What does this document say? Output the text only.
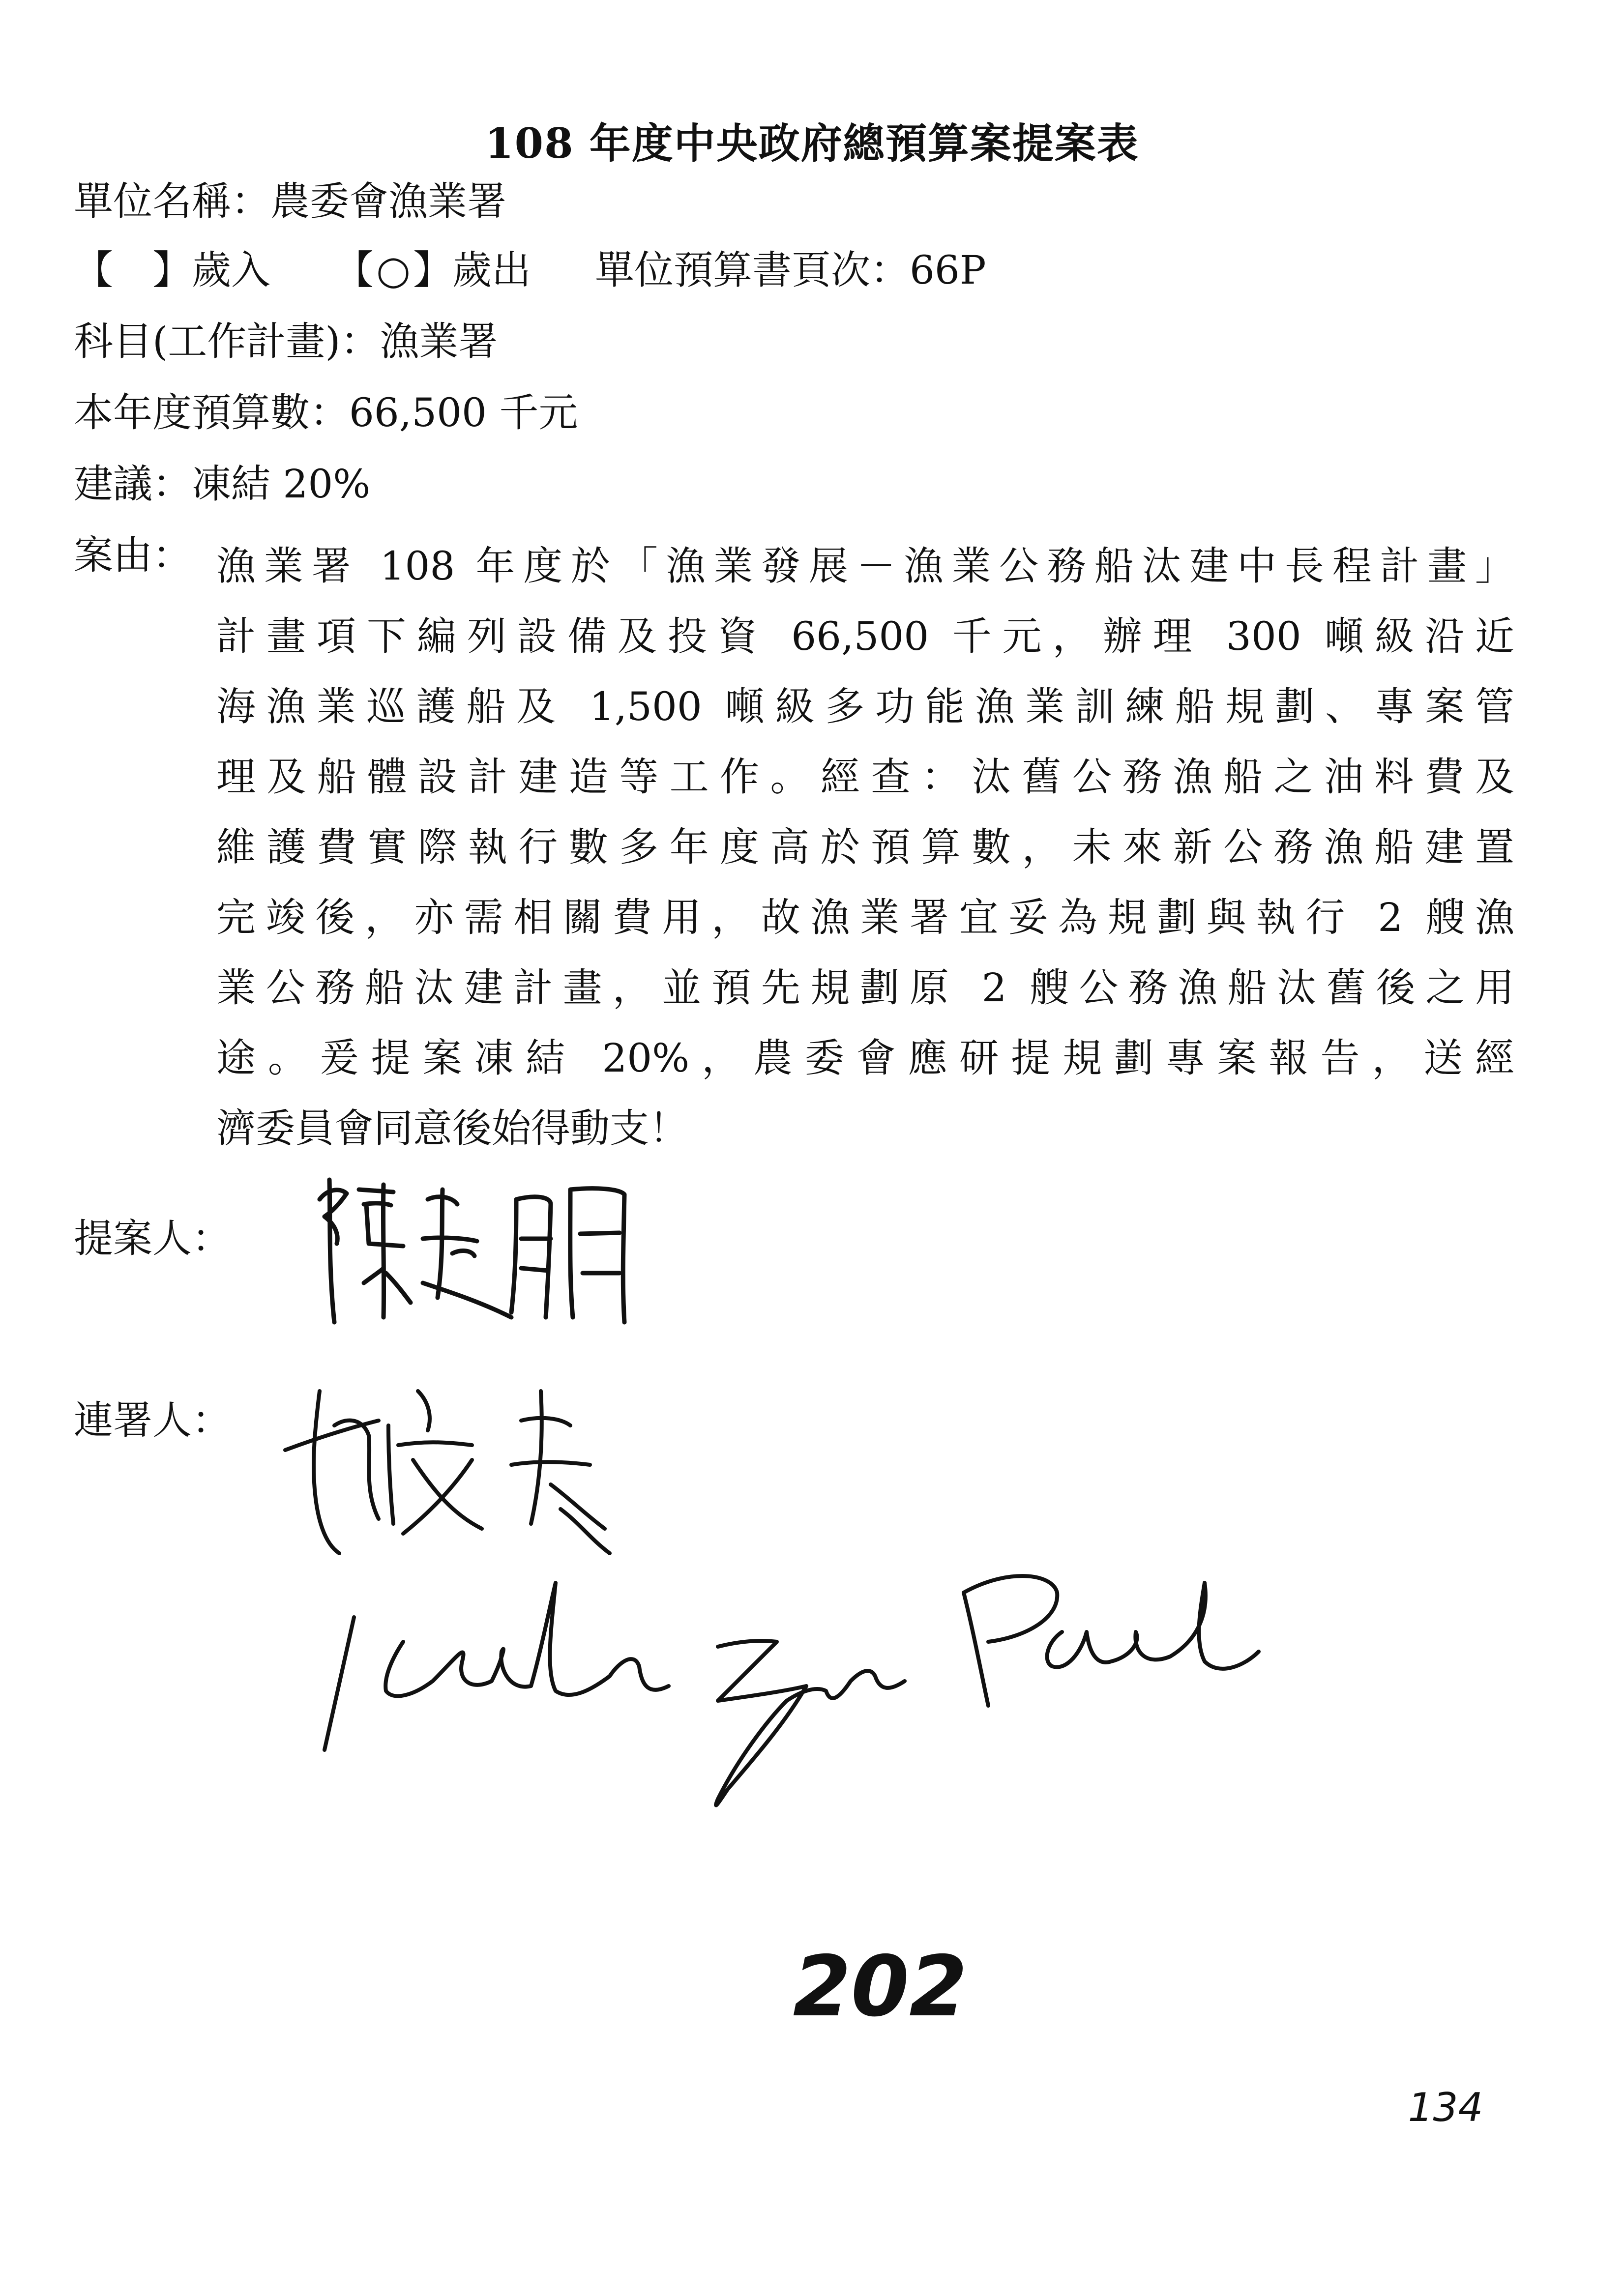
108 年度中央政府總預算案提案表
單位名稱：農委會漁業署
【 】歲入 【○】歲出 單位預算書頁次：66P
科目(工作計畫)：漁業署
本年度預算數：66,500 千元
建議：凍結 20%
案由： 漁業署 108 年度於「漁業發展－漁業公務船汰建中長程計畫」
計畫項下編列設備及投資 66,500 千元，辦理 300 噸級沿近
海漁業巡護船及 1,500 噸級多功能漁業訓練船規劃、專案管
理及船體設計建造等工作。經查：汰舊公務漁船之油料費及
維護費實際執行數多年度高於預算數，未來新公務漁船建置
完竣後，亦需相關費用，故漁業署宜妥為規劃與執行 2 艘漁
業公務船汰建計畫，並預先規劃原 2 艘公務漁船汰舊後之用
途。爰提案凍結 20%，農委會應研提規劃專案報告，送經
濟委員會同意後始得動支！
提案人：
連署人：
202
134
